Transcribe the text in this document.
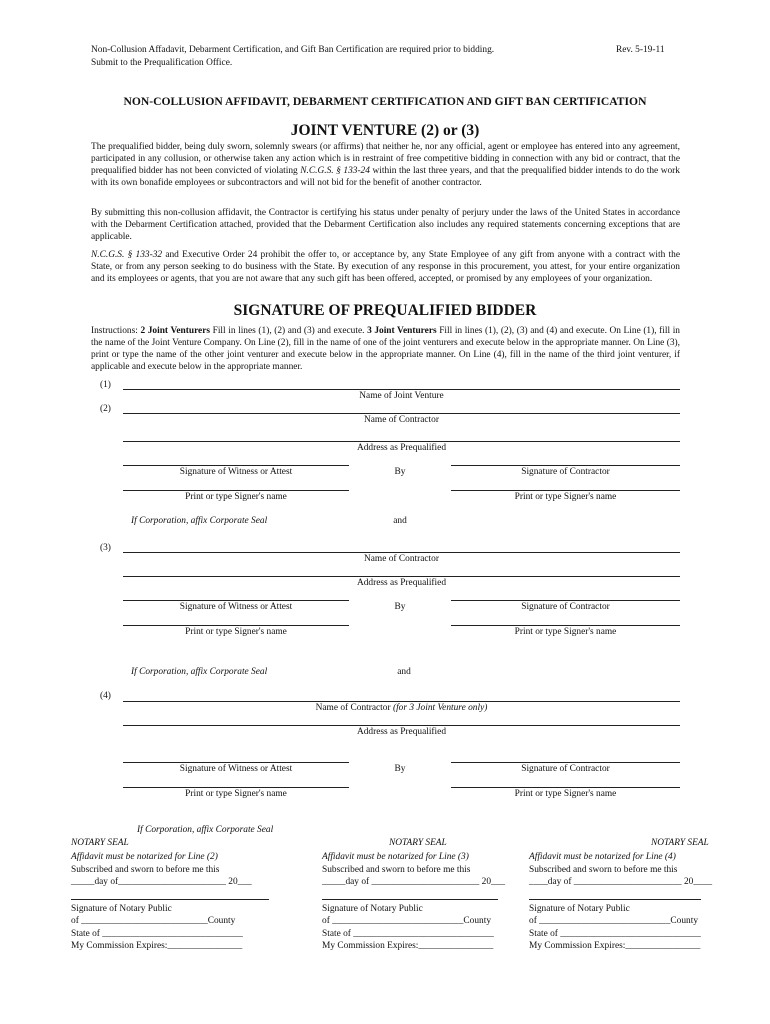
Non-Collusion Affadavit, Debarment Certification, and Gift Ban Certification are required prior to bidding.
Submit to the Prequalification Office.
Rev. 5-19-11
NON-COLLUSION AFFIDAVIT, DEBARMENT CERTIFICATION AND GIFT BAN CERTIFICATION
JOINT VENTURE (2) or (3)
The prequalified bidder, being duly sworn, solemnly swears (or affirms) that neither he, nor any official, agent or employee has entered into any agreement, participated in any collusion, or otherwise taken any action which is in restraint of free competitive bidding in connection with any bid or contract, that the prequalified bidder has not been convicted of violating N.C.G.S. § 133-24 within the last three years, and that the prequalified bidder intends to do the work with its own bonafide employees or subcontractors and will not bid for the benefit of another contractor.
By submitting this non-collusion affidavit, the Contractor is certifying his status under penalty of perjury under the laws of the United States in accordance with the Debarment Certification attached, provided that the Debarment Certification also includes any required statements concerning exceptions that are applicable.
N.C.G.S. § 133-32 and Executive Order 24 prohibit the offer to, or acceptance by, any State Employee of any gift from anyone with a contract with the State, or from any person seeking to do business with the State. By execution of any response in this procurement, you attest, for your entire organization and its employees or agents, that you are not aware that any such gift has been offered, accepted, or promised by any employees of your organization.
SIGNATURE OF PREQUALIFIED BIDDER
Instructions: 2 Joint Venturers Fill in lines (1), (2) and (3) and execute. 3 Joint Venturers Fill in lines (1), (2), (3) and (4) and execute. On Line (1), fill in the name of the Joint Venture Company. On Line (2), fill in the name of one of the joint venturers and execute below in the appropriate manner. On Line (3), print or type the name of the other joint venturer and execute below in the appropriate manner. On Line (4), fill in the name of the third joint venturer, if applicable and execute below in the appropriate manner.
(1)
Name of Joint Venture
(2)
Name of Contractor
Address as Prequalified
Signature of Witness or Attest	By	Signature of Contractor
Print or type Signer's name	Print or type Signer's name
If Corporation, affix Corporate Seal	and
(3)
Name of Contractor
Address as Prequalified
Signature of Witness or Attest	By	Signature of Contractor
Print or type Signer's name	Print or type Signer's name
If Corporation, affix Corporate Seal	and
(4)
Name of Contractor (for 3 Joint Venture only)
Address as Prequalified
Signature of Witness or Attest	By	Signature of Contractor
Print or type Signer's name	Print or type Signer's name
If Corporation, affix Corporate Seal
NOTARY SEAL	NOTARY SEAL	NOTARY SEAL
Affidavit must be notarized for Line (2)
Subscribed and sworn to before me this
_____day of_______________________ 20___
Signature of Notary Public
of ___________________________County
State of ______________________________
My Commission Expires:________________
Affidavit must be notarized for Line (3)
Subscribed and sworn to before me this
_____day of _______________________ 20___
Signature of Notary Public
of ____________________________County
State of ______________________________
My Commission Expires:________________
Affidavit must be notarized for Line (4)
Subscribed and sworn to before me this
____day of _______________________ 20____
Signature of Notary Public
of ____________________________County
State of ______________________________
My Commission Expires:________________
